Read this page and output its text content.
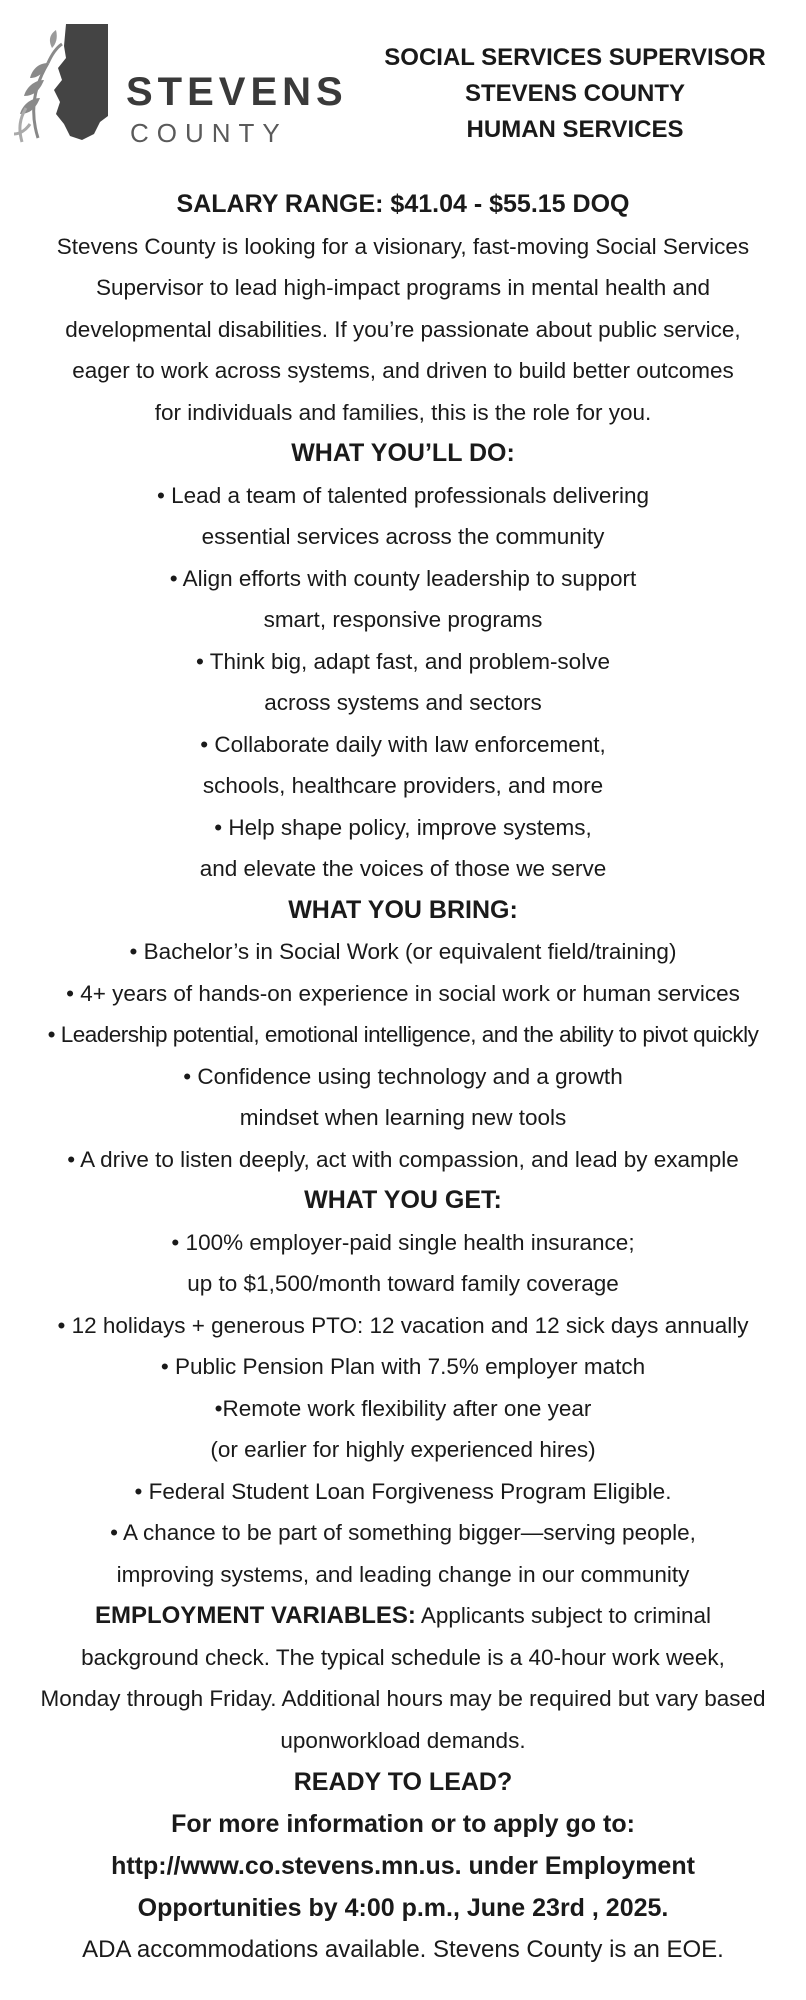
STEVENS
COUNTY
SOCIAL SERVICES SUPERVISOR
STEVENS COUNTY
HUMAN SERVICES
SALARY RANGE: $41.04 - $55.15 DOQ
Stevens County is looking for a visionary, fast-moving Social Services
Supervisor to lead high-impact programs in mental health and
developmental disabilities. If you’re passionate about public service,
eager to work across systems, and driven to build better outcomes
for individuals and families, this is the role for you.
WHAT YOU’LL DO:
• Lead a team of talented professionals delivering
essential services across the community
• Align efforts with county leadership to support
smart, responsive programs
• Think big, adapt fast, and problem-solve
across systems and sectors
• Collaborate daily with law enforcement,
schools, healthcare providers, and more
• Help shape policy, improve systems,
and elevate the voices of those we serve
WHAT YOU BRING:
• Bachelor’s in Social Work (or equivalent field/training)
• 4+ years of hands-on experience in social work or human services
• Leadership potential, emotional intelligence, and the ability to pivot quickly
• Confidence using technology and a growth
mindset when learning new tools
• A drive to listen deeply, act with compassion, and lead by example
WHAT YOU GET:
• 100% employer-paid single health insurance;
up to $1,500/month toward family coverage
• 12 holidays + generous PTO: 12 vacation and 12 sick days annually
• Public Pension Plan with 7.5% employer match
•Remote work flexibility after one year
(or earlier for highly experienced hires)
• Federal Student Loan Forgiveness Program Eligible.
• A chance to be part of something bigger—serving people,
improving systems, and leading change in our community
EMPLOYMENT VARIABLES: Applicants subject to criminal
background check. The typical schedule is a 40-hour work week,
Monday through Friday. Additional hours may be required but vary based
uponworkload demands.
READY TO LEAD?
For more information or to apply go to:
http://www.co.stevens.mn.us. under Employment
Opportunities by 4:00 p.m., June 23rd , 2025.
ADA accommodations available. Stevens County is an EOE.
